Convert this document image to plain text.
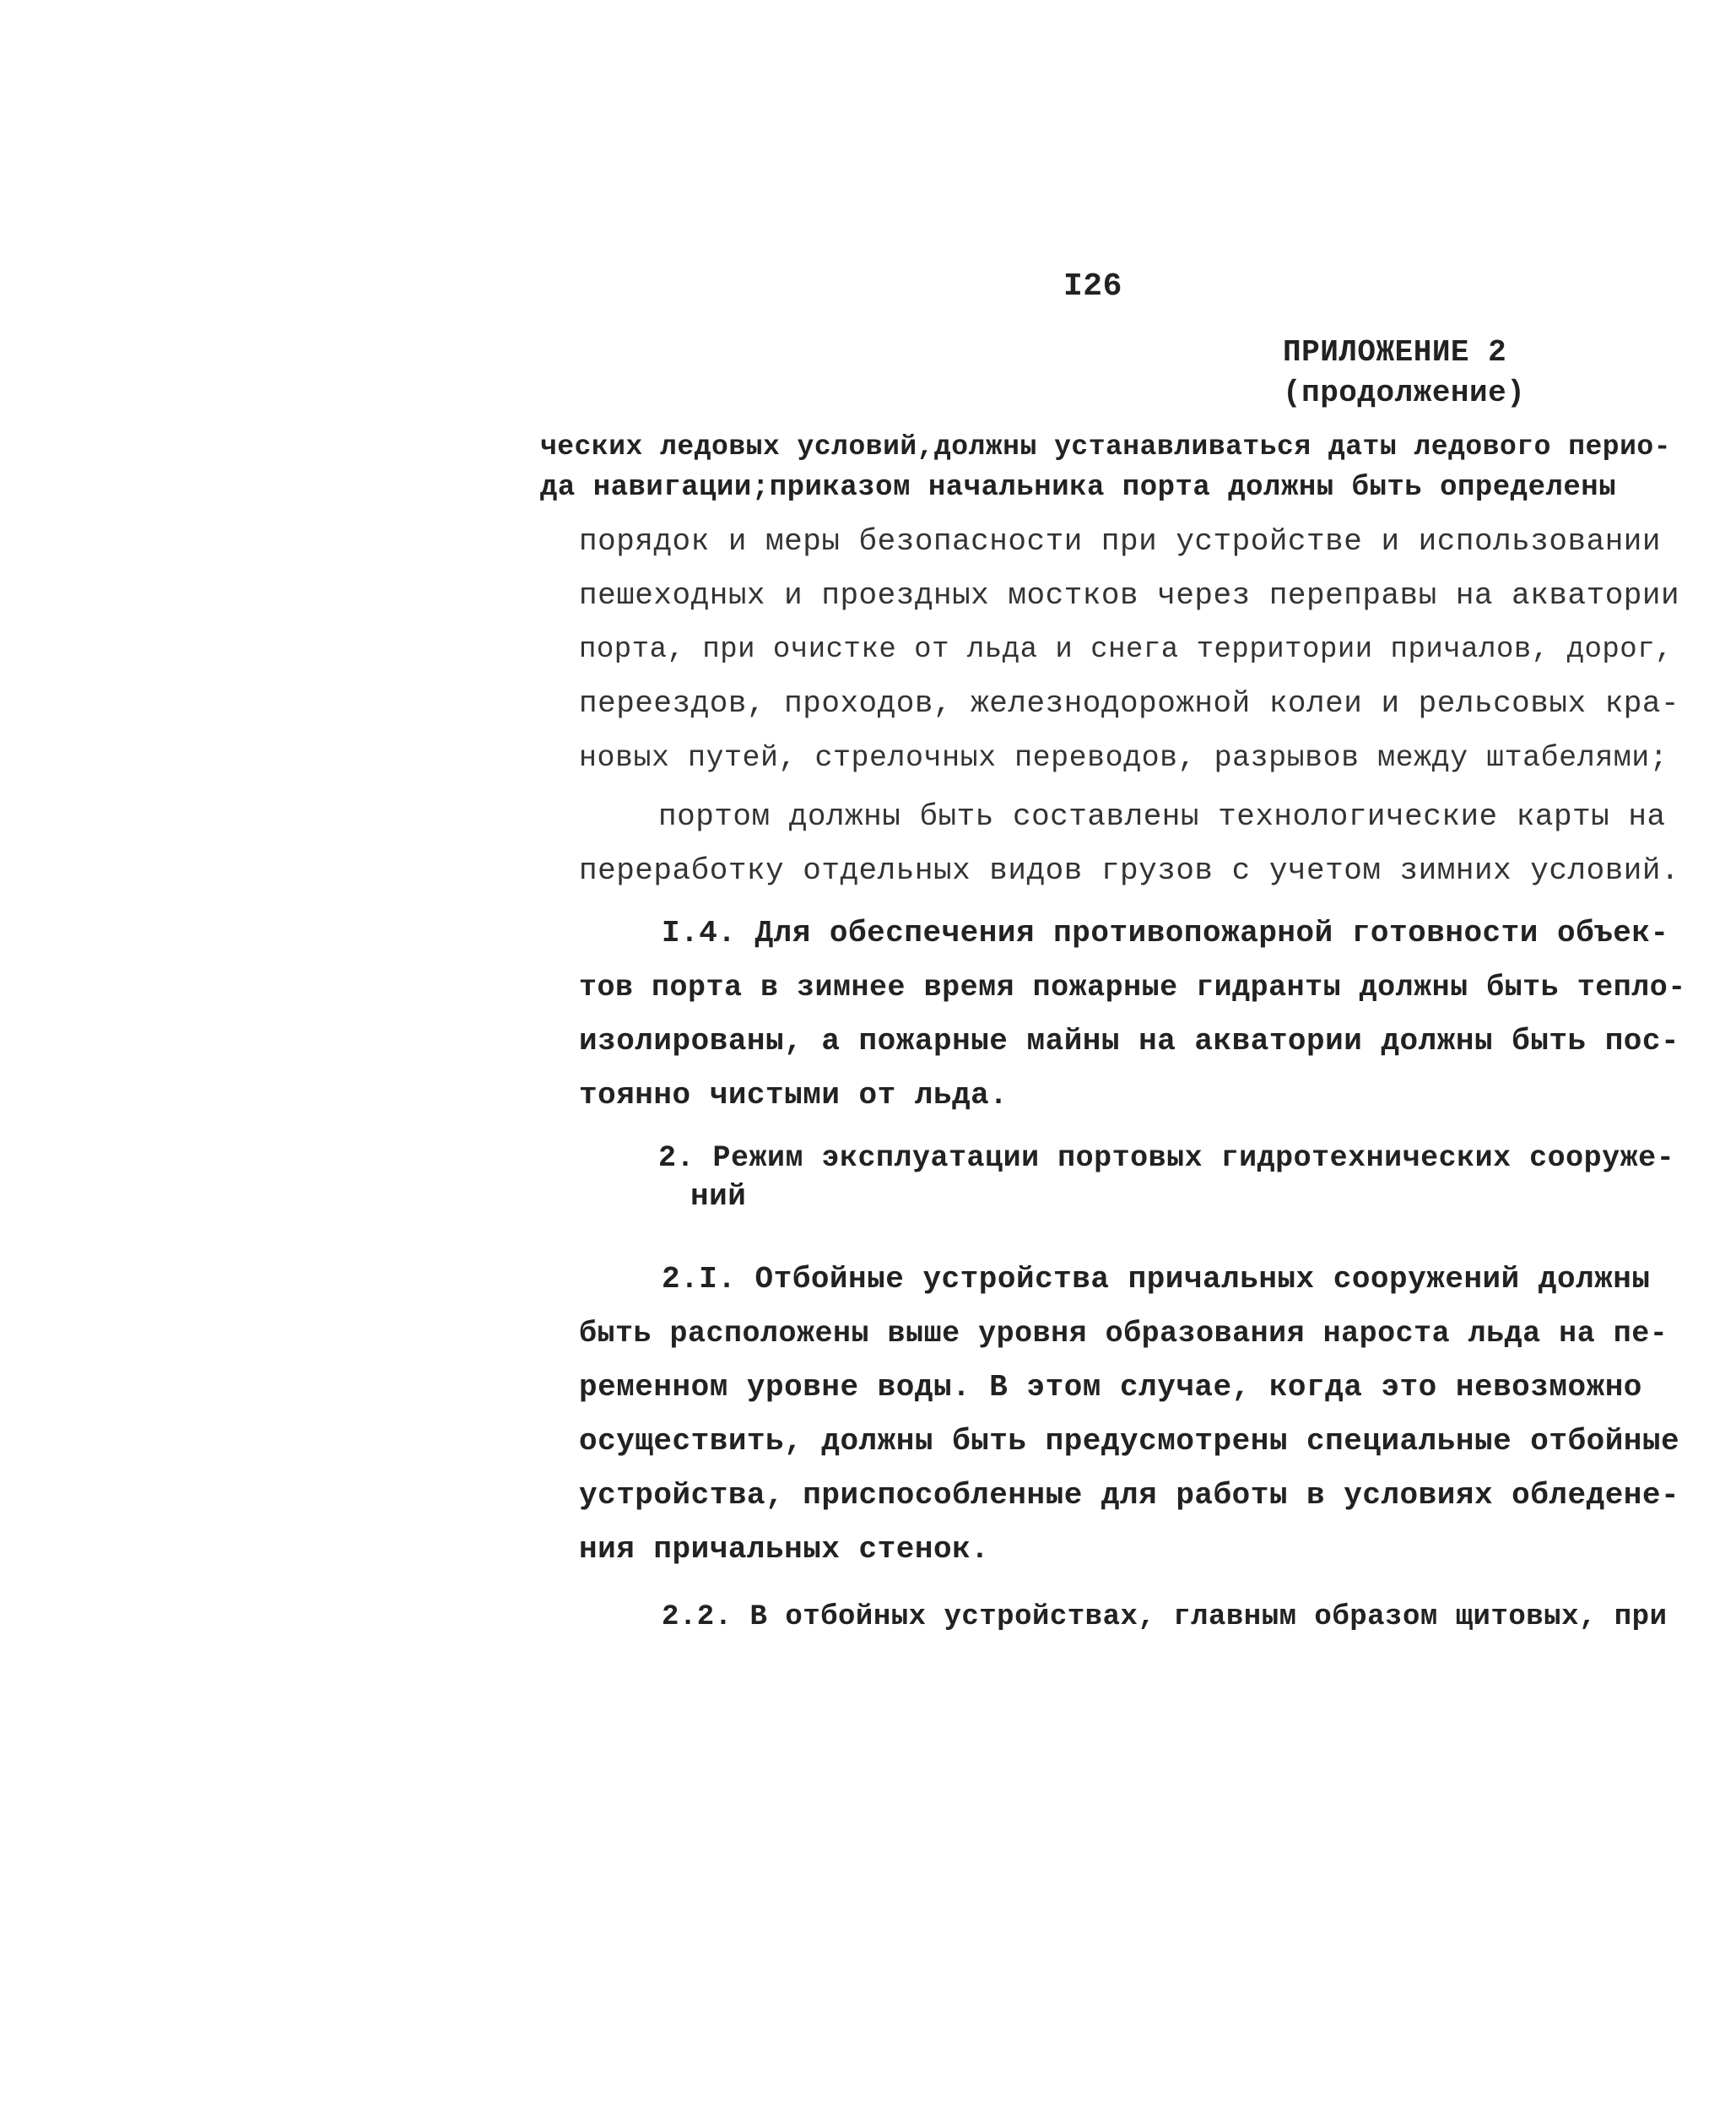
I26
ПРИЛОЖЕНИЕ 2
(продолжение)
ческих ледовых условий,должны устанавливаться даты ледового перио-
да навигации;приказом начальника порта должны быть определены
порядок и меры безопасности при устройстве и использовании
пешеходных и проездных мостков через переправы на акватории
порта, при очистке от льда и снега территории причалов, дорог,
переездов, проходов, железнодорожной колеи и рельсовых кра-
новых путей, стрелочных переводов, разрывов между штабелями;
портом должны быть составлены технологические карты на
переработку отдельных видов грузов с учетом зимних условий.
I.4. Для обеспечения противопожарной готовности объек-
тов порта в зимнее время пожарные гидранты должны быть тепло-
изолированы, а пожарные майны на акватории должны быть пос-
тоянно чистыми от льда.
2. Режим эксплуатации портовых гидротехнических сооруже-
ний
2.I. Отбойные устройства причальных сооружений должны
быть расположены выше уровня образования нароста льда на пе-
ременном уровне воды. В этом случае, когда это невозможно
осуществить, должны быть предусмотрены специальные отбойные
устройства, приспособленные для работы в условиях обледене-
ния причальных стенок.
2.2. В отбойных устройствах, главным образом щитовых, при
